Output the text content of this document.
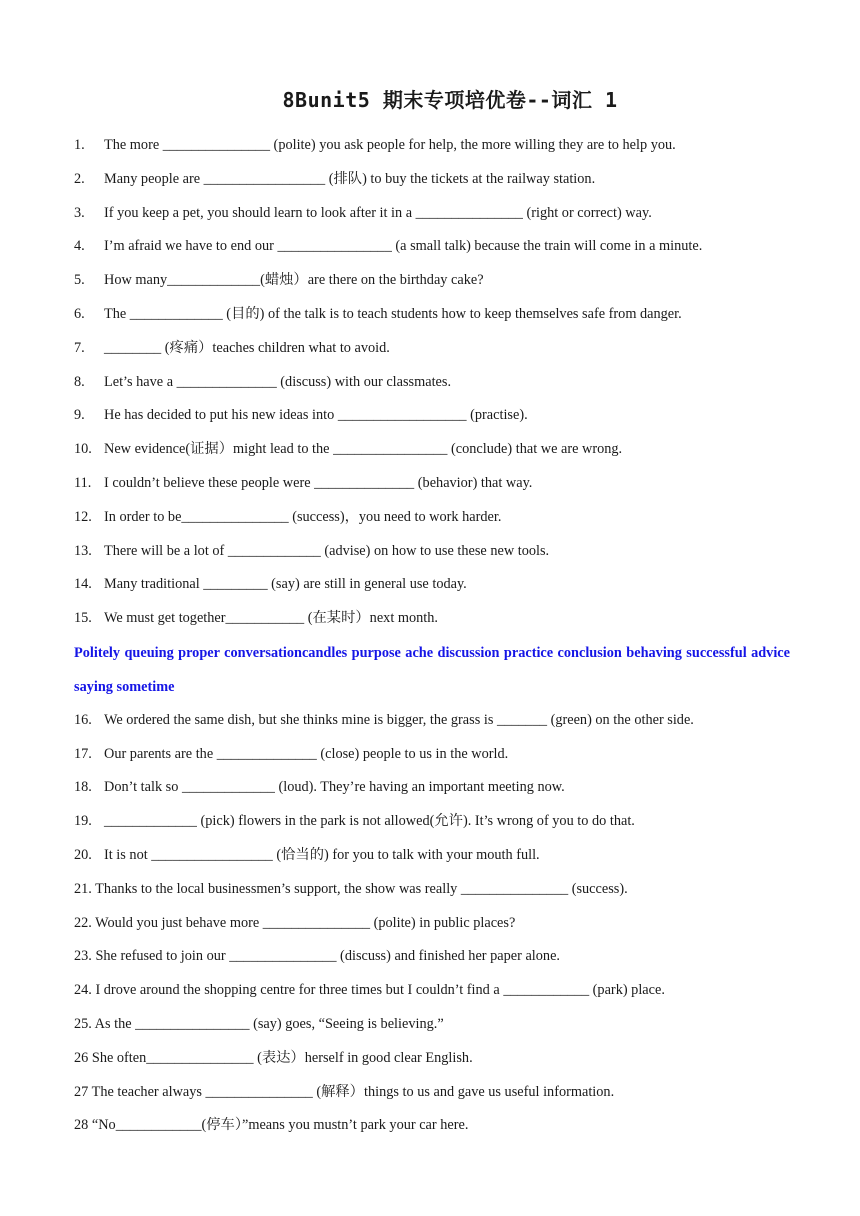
8Bunit5 期末专项培优卷--词汇 1
1. The more _______________ (polite) you ask people for help, the more willing they are to help you.
2. Many people are _________________ (排队) to buy the tickets at the railway station.
3. If you keep a pet, you should learn to look after it in a _______________ (right or correct) way.
4. I’m afraid we have to end our ________________ (a small talk) because the train will come in a minute.
5. How many_____________(蜡烛）are there on the birthday cake?
6. The _____________ (目的) of the talk is to teach students how to keep themselves safe from danger.
7. ________ (疼痛）teaches children what to avoid.
8. Let’s have a ______________ (discuss) with our classmates.
9. He has decided to put his new ideas into __________________ (practise).
10. New evidence(证据）might lead to the ________________ (conclude) that we are wrong.
11. I couldn’t believe these people were ______________ (behavior) that way.
12. In order to be_______________ (success)，you need to work harder.
13. There will be a lot of _____________ (advise) on how to use these new tools.
14. Many traditional _________ (say) are still in general use today.
15. We must get together___________ (在某时）next month.
Politely queuing proper conversationcandles purpose ache discussion practice conclusion behaving successful advice saying sometime
16. We ordered the same dish, but she thinks mine is bigger, the grass is _______ (green) on the other side.
17. Our parents are the ______________ (close) people to us in the world.
18. Don’t talk so _____________ (loud). They’re having an important meeting now.
19. _____________ (pick) flowers in the park is not allowed(允许). It’s wrong of you to do that.
20. It is not _________________ (恰当的) for you to talk with your mouth full.
21. Thanks to the local businessmen’s support, the show was really _______________ (success).
22. Would you just behave more _______________ (polite) in public places?
23. She refused to join our _______________ (discuss) and finished her paper alone.
24. I drove around the shopping centre for three times but I couldn’t find a ____________ (park) place.
25. As the ________________ (say) goes, “Seeing is believing.”
26 She often_______________ (表达）herself in good clear English.
27 The teacher always _______________ (解释）things to us and gave us useful information.
28 “No____________(停车）”means you mustn’t park your car here.
